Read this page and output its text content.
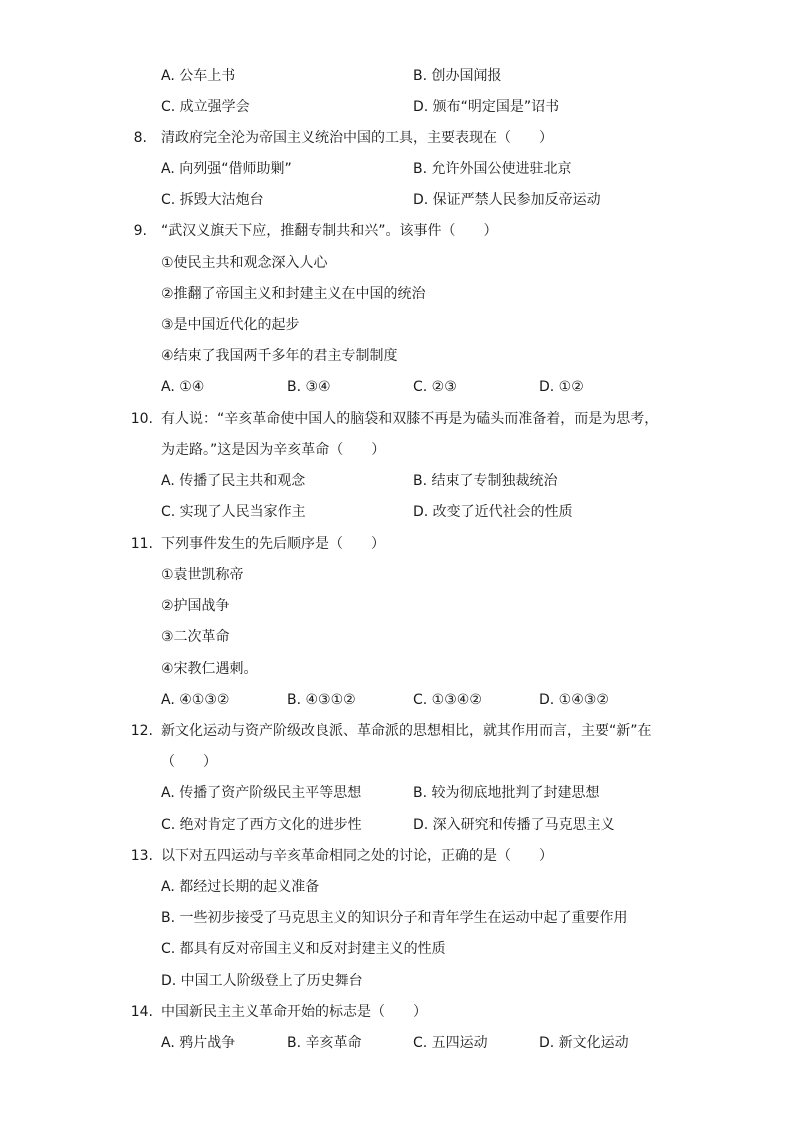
A. 公车上书	B. 创办国闻报
C. 成立强学会	D. 颁布“明定国是”诏书
8. 清政府完全沦为帝国主义统治中国的工具，主要表现在（　　）
A. 向列强“借师助剿”	B. 允许外国公使进驻北京
C. 拆毁大沽炮台	D. 保证严禁人民参加反帝运动
9. “武汉义旗天下应，推翻专制共和兴”。该事件（　　）
①使民主共和观念深入人心
②推翻了帝国主义和封建主义在中国的统治
③是中国近代化的起步
④结束了我国两千多年的君主专制制度
A. ①④	B. ③④	C. ②③	D. ①②
10. 有人说：“辛亥革命使中国人的脑袋和双膝不再是为磕头而准备着，而是为思考，
为走路。”这是因为辛亥革命（　　）
A. 传播了民主共和观念	B. 结束了专制独裁统治
C. 实现了人民当家作主	D. 改变了近代社会的性质
11. 下列事件发生的先后顺序是（　　）
①袁世凯称帝
②护国战争
③二次革命
④宋教仁遇刺。
A. ④①③②	B. ④③①②	C. ①③④②	D. ①④③②
12. 新文化运动与资产阶级改良派、革命派的思想相比，就其作用而言，主要“新”在
（　　）
A. 传播了资产阶级民主平等思想	B. 较为彻底地批判了封建思想
C. 绝对肯定了西方文化的进步性	D. 深入研究和传播了马克思主义
13. 以下对五四运动与辛亥革命相同之处的讨论，正确的是（　　）
A. 都经过长期的起义准备
B. 一些初步接受了马克思主义的知识分子和青年学生在运动中起了重要作用
C. 都具有反对帝国主义和反对封建主义的性质
D. 中国工人阶级登上了历史舞台
14. 中国新民主主义革命开始的标志是（　　）
A. 鸦片战争	B. 辛亥革命	C. 五四运动	D. 新文化运动
